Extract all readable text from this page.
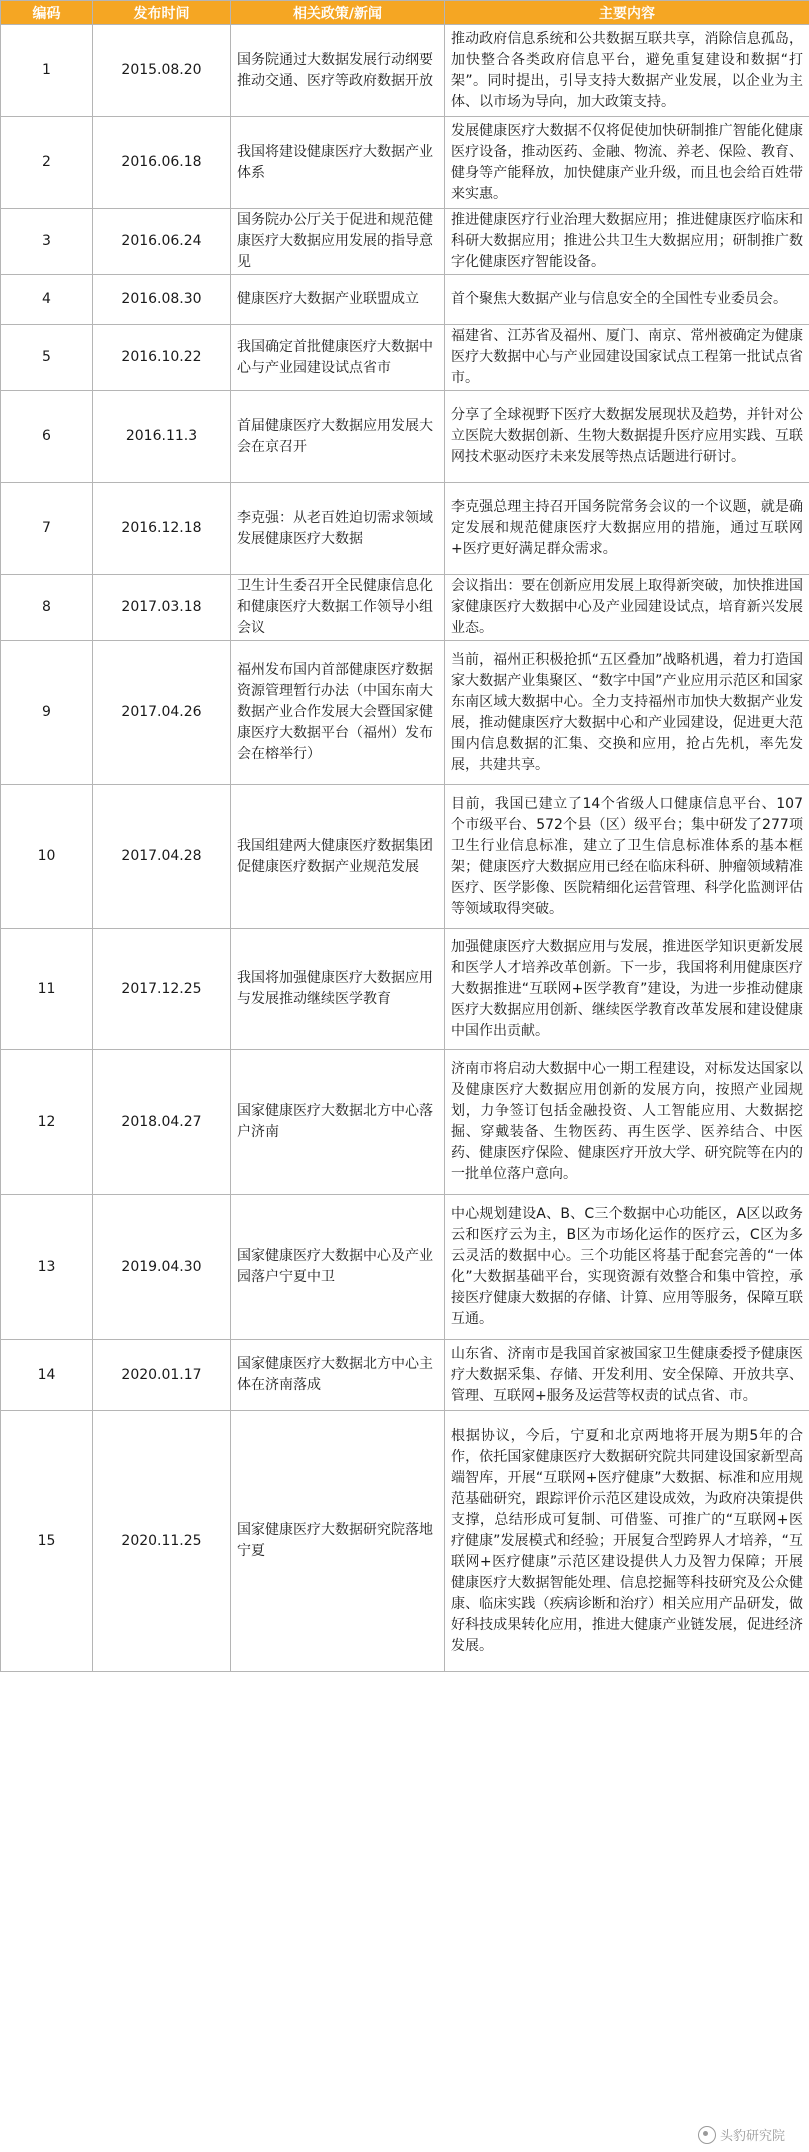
编码	发布时间	相关政策/新闻	主要内容
1	2015.08.20	国务院通过大数据发展行动纲要推动交通、医疗等政府数据开放	推动政府信息系统和公共数据互联共享，消除信息孤岛，加快整合各类政府信息平台，避免重复建设和数据“打架”。同时提出，引导支持大数据产业发展，以企业为主体、以市场为导向，加大政策支持。
2	2016.06.18	我国将建设健康医疗大数据产业体系	发展健康医疗大数据不仅将促使加快研制推广智能化健康医疗设备，推动医药、金融、物流、养老、保险、教育、健身等产能释放，加快健康产业升级，而且也会给百姓带来实惠。
3	2016.06.24	国务院办公厅关于促进和规范健康医疗大数据应用发展的指导意见	推进健康医疗行业治理大数据应用；推进健康医疗临床和科研大数据应用；推进公共卫生大数据应用；研制推广数字化健康医疗智能设备。
4	2016.08.30	健康医疗大数据产业联盟成立	首个聚焦大数据产业与信息安全的全国性专业委员会。
5	2016.10.22	我国确定首批健康医疗大数据中心与产业园建设试点省市	福建省、江苏省及福州、厦门、南京、常州被确定为健康医疗大数据中心与产业园建设国家试点工程第一批试点省市。
6	2016.11.3	首届健康医疗大数据应用发展大会在京召开	分享了全球视野下医疗大数据发展现状及趋势，并针对公立医院大数据创新、生物大数据提升医疗应用实践、互联网技术驱动医疗未来发展等热点话题进行研讨。
7	2016.12.18	李克强：从老百姓迫切需求领域发展健康医疗大数据	李克强总理主持召开国务院常务会议的一个议题，就是确定发展和规范健康医疗大数据应用的措施，通过互联网+医疗更好满足群众需求。
8	2017.03.18	卫生计生委召开全民健康信息化和健康医疗大数据工作领导小组会议	会议指出：要在创新应用发展上取得新突破，加快推进国家健康医疗大数据中心及产业园建设试点，培育新兴发展业态。
9	2017.04.26	福州发布国内首部健康医疗数据资源管理暂行办法（中国东南大数据产业合作发展大会暨国家健康医疗大数据平台（福州）发布会在榕举行）	当前，福州正积极抢抓“五区叠加”战略机遇，着力打造国家大数据产业集聚区、“数字中国”产业应用示范区和国家东南区域大数据中心。全力支持福州市加快大数据产业发展，推动健康医疗大数据中心和产业园建设，促进更大范围内信息数据的汇集、交换和应用，抢占先机，率先发展，共建共享。
10	2017.04.28	我国组建两大健康医疗数据集团促健康医疗数据产业规范发展	目前，我国已建立了14个省级人口健康信息平台、107个市级平台、572个县（区）级平台；集中研发了277项卫生行业信息标准，建立了卫生信息标准体系的基本框架；健康医疗大数据应用已经在临床科研、肿瘤领域精准医疗、医学影像、医院精细化运营管理、科学化监测评估等领域取得突破。
11	2017.12.25	我国将加强健康医疗大数据应用与发展推动继续医学教育	加强健康医疗大数据应用与发展，推进医学知识更新发展和医学人才培养改革创新。下一步，我国将利用健康医疗大数据推进“互联网+医学教育”建设，为进一步推动健康医疗大数据应用创新、继续医学教育改革发展和建设健康中国作出贡献。
12	2018.04.27	国家健康医疗大数据北方中心落户济南	济南市将启动大数据中心一期工程建设，对标发达国家以及健康医疗大数据应用创新的发展方向，按照产业园规划，力争签订包括金融投资、人工智能应用、大数据挖掘、穿戴装备、生物医药、再生医学、医养结合、中医药、健康医疗保险、健康医疗开放大学、研究院等在内的一批单位落户意向。
13	2019.04.30	国家健康医疗大数据中心及产业园落户宁夏中卫	中心规划建设A、B、C三个数据中心功能区，A区以政务云和医疗云为主，B区为市场化运作的医疗云，C区为多云灵活的数据中心。三个功能区将基于配套完善的“一体化”大数据基础平台，实现资源有效整合和集中管控，承接医疗健康大数据的存储、计算、应用等服务，保障互联互通。
14	2020.01.17	国家健康医疗大数据北方中心主体在济南落成	山东省、济南市是我国首家被国家卫生健康委授予健康医疗大数据采集、存储、开发利用、安全保障、开放共享、管理、互联网+服务及运营等权责的试点省、市。
15	2020.11.25	国家健康医疗大数据研究院落地宁夏	根据协议，今后，宁夏和北京两地将开展为期5年的合作，依托国家健康医疗大数据研究院共同建设国家新型高端智库，开展“互联网+医疗健康”大数据、标准和应用规范基础研究，跟踪评价示范区建设成效，为政府决策提供支撑，总结形成可复制、可借鉴、可推广的“互联网+医疗健康”发展模式和经验；开展复合型跨界人才培养，“互联网+医疗健康”示范区建设提供人力及智力保障；开展健康医疗大数据智能处理、信息挖掘等科技研究及公众健康、临床实践（疾病诊断和治疗）相关应用产品研发，做好科技成果转化应用，推进大健康产业链发展，促进经济发展。
头豹研究院
